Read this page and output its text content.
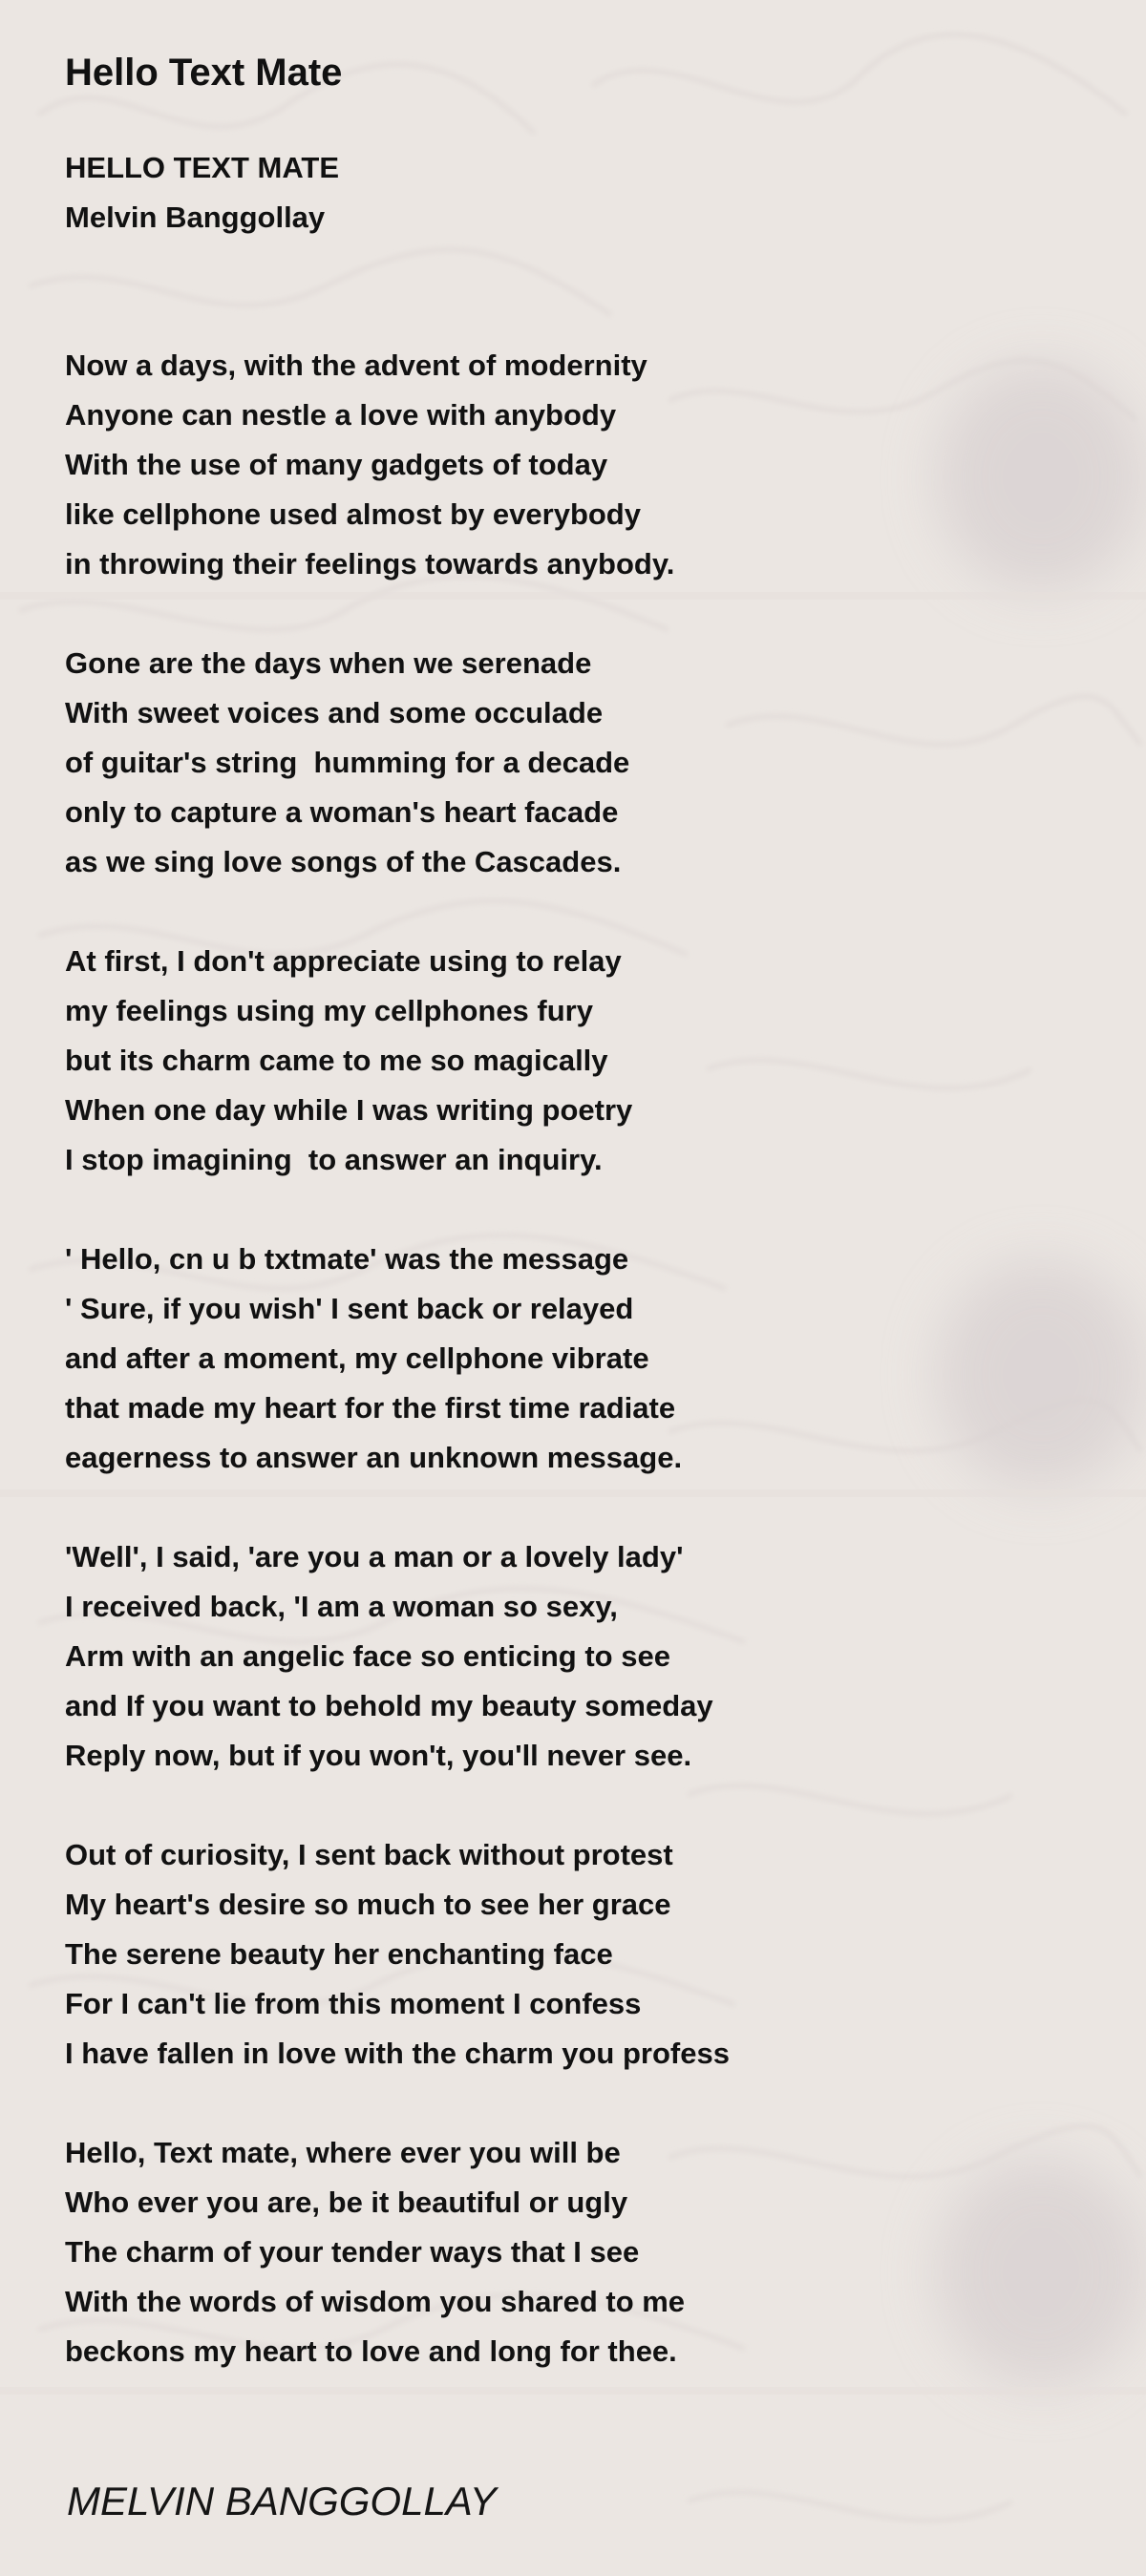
Hello Text Mate
HELLO TEXT MATE
Melvin Banggollay
Now a days, with the advent of modernity
Anyone can nestle a love with anybody
With the use of many gadgets of today
like cellphone used almost by everybody
in throwing their feelings towards anybody.
Gone are the days when we serenade
With sweet voices and some occulade
of guitar's string  humming for a decade
only to capture a woman's heart facade
as we sing love songs of the Cascades.
At first, I don't appreciate using to relay
my feelings using my cellphones fury
but its charm came to me so magically
When one day while I was writing poetry
I stop imagining  to answer an inquiry.
' Hello, cn u b txtmate' was the message
' Sure, if you wish' I sent back or relayed
and after a moment, my cellphone vibrate
that made my heart for the first time radiate
eagerness to answer an unknown message.
'Well', I said, 'are you a man or a lovely lady'
I received back, 'I am a woman so sexy,
Arm with an angelic face so enticing to see
and If you want to behold my beauty someday
Reply now, but if you won't, you'll never see.
Out of curiosity, I sent back without protest
My heart's desire so much to see her grace
The serene beauty her enchanting face
For I can't lie from this moment I confess
I have fallen in love with the charm you profess
Hello, Text mate, where ever you will be
Who ever you are, be it beautiful or ugly
The charm of your tender ways that I see
With the words of wisdom you shared to me
beckons my heart to love and long for thee.
MELVIN BANGGOLLAY
